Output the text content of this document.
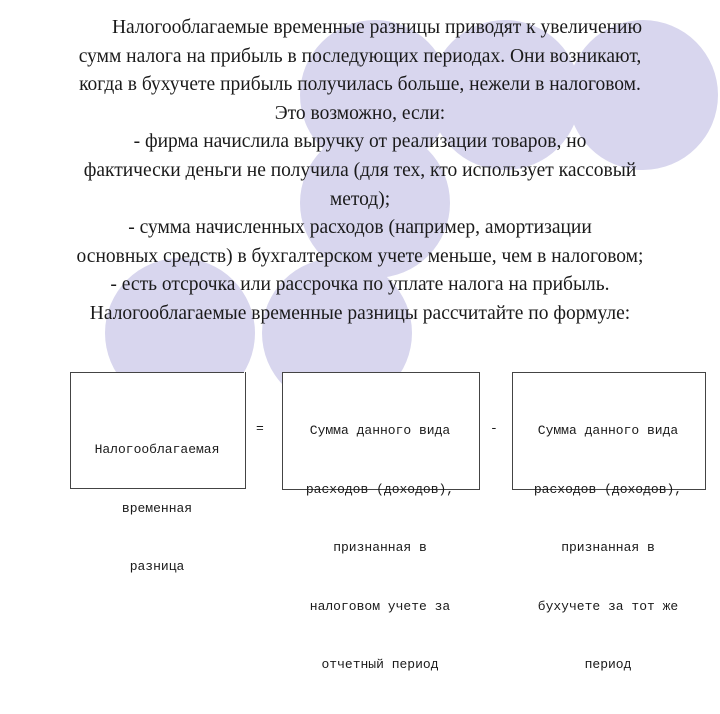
Налогооблагаемые временные разницы приводят к увеличению

сумм налога на прибыль в последующих периодах. Они возникают,

когда в бухучете прибыль получилась больше, нежели в налоговом.

Это возможно, если:

- фирма начислила выручку от реализации товаров, но

фактически деньги не получила (для тех, кто использует кассовый

метод);

- сумма начисленных расходов (например, амортизации

основных средств) в бухгалтерском учете меньше, чем в налоговом;

- есть отсрочка или рассрочка по уплате налога на прибыль.

Налогооблагаемые временные разницы рассчитайте по формуле:

Налогооблагаемая

временная

разница

=

	Сумма данного вида

расходов (доходов),

признанная в

налоговом учете за

отчетный период

-

	Сумма данного вида

расходов (доходов),

признанная в

бухучете за тот же

период
